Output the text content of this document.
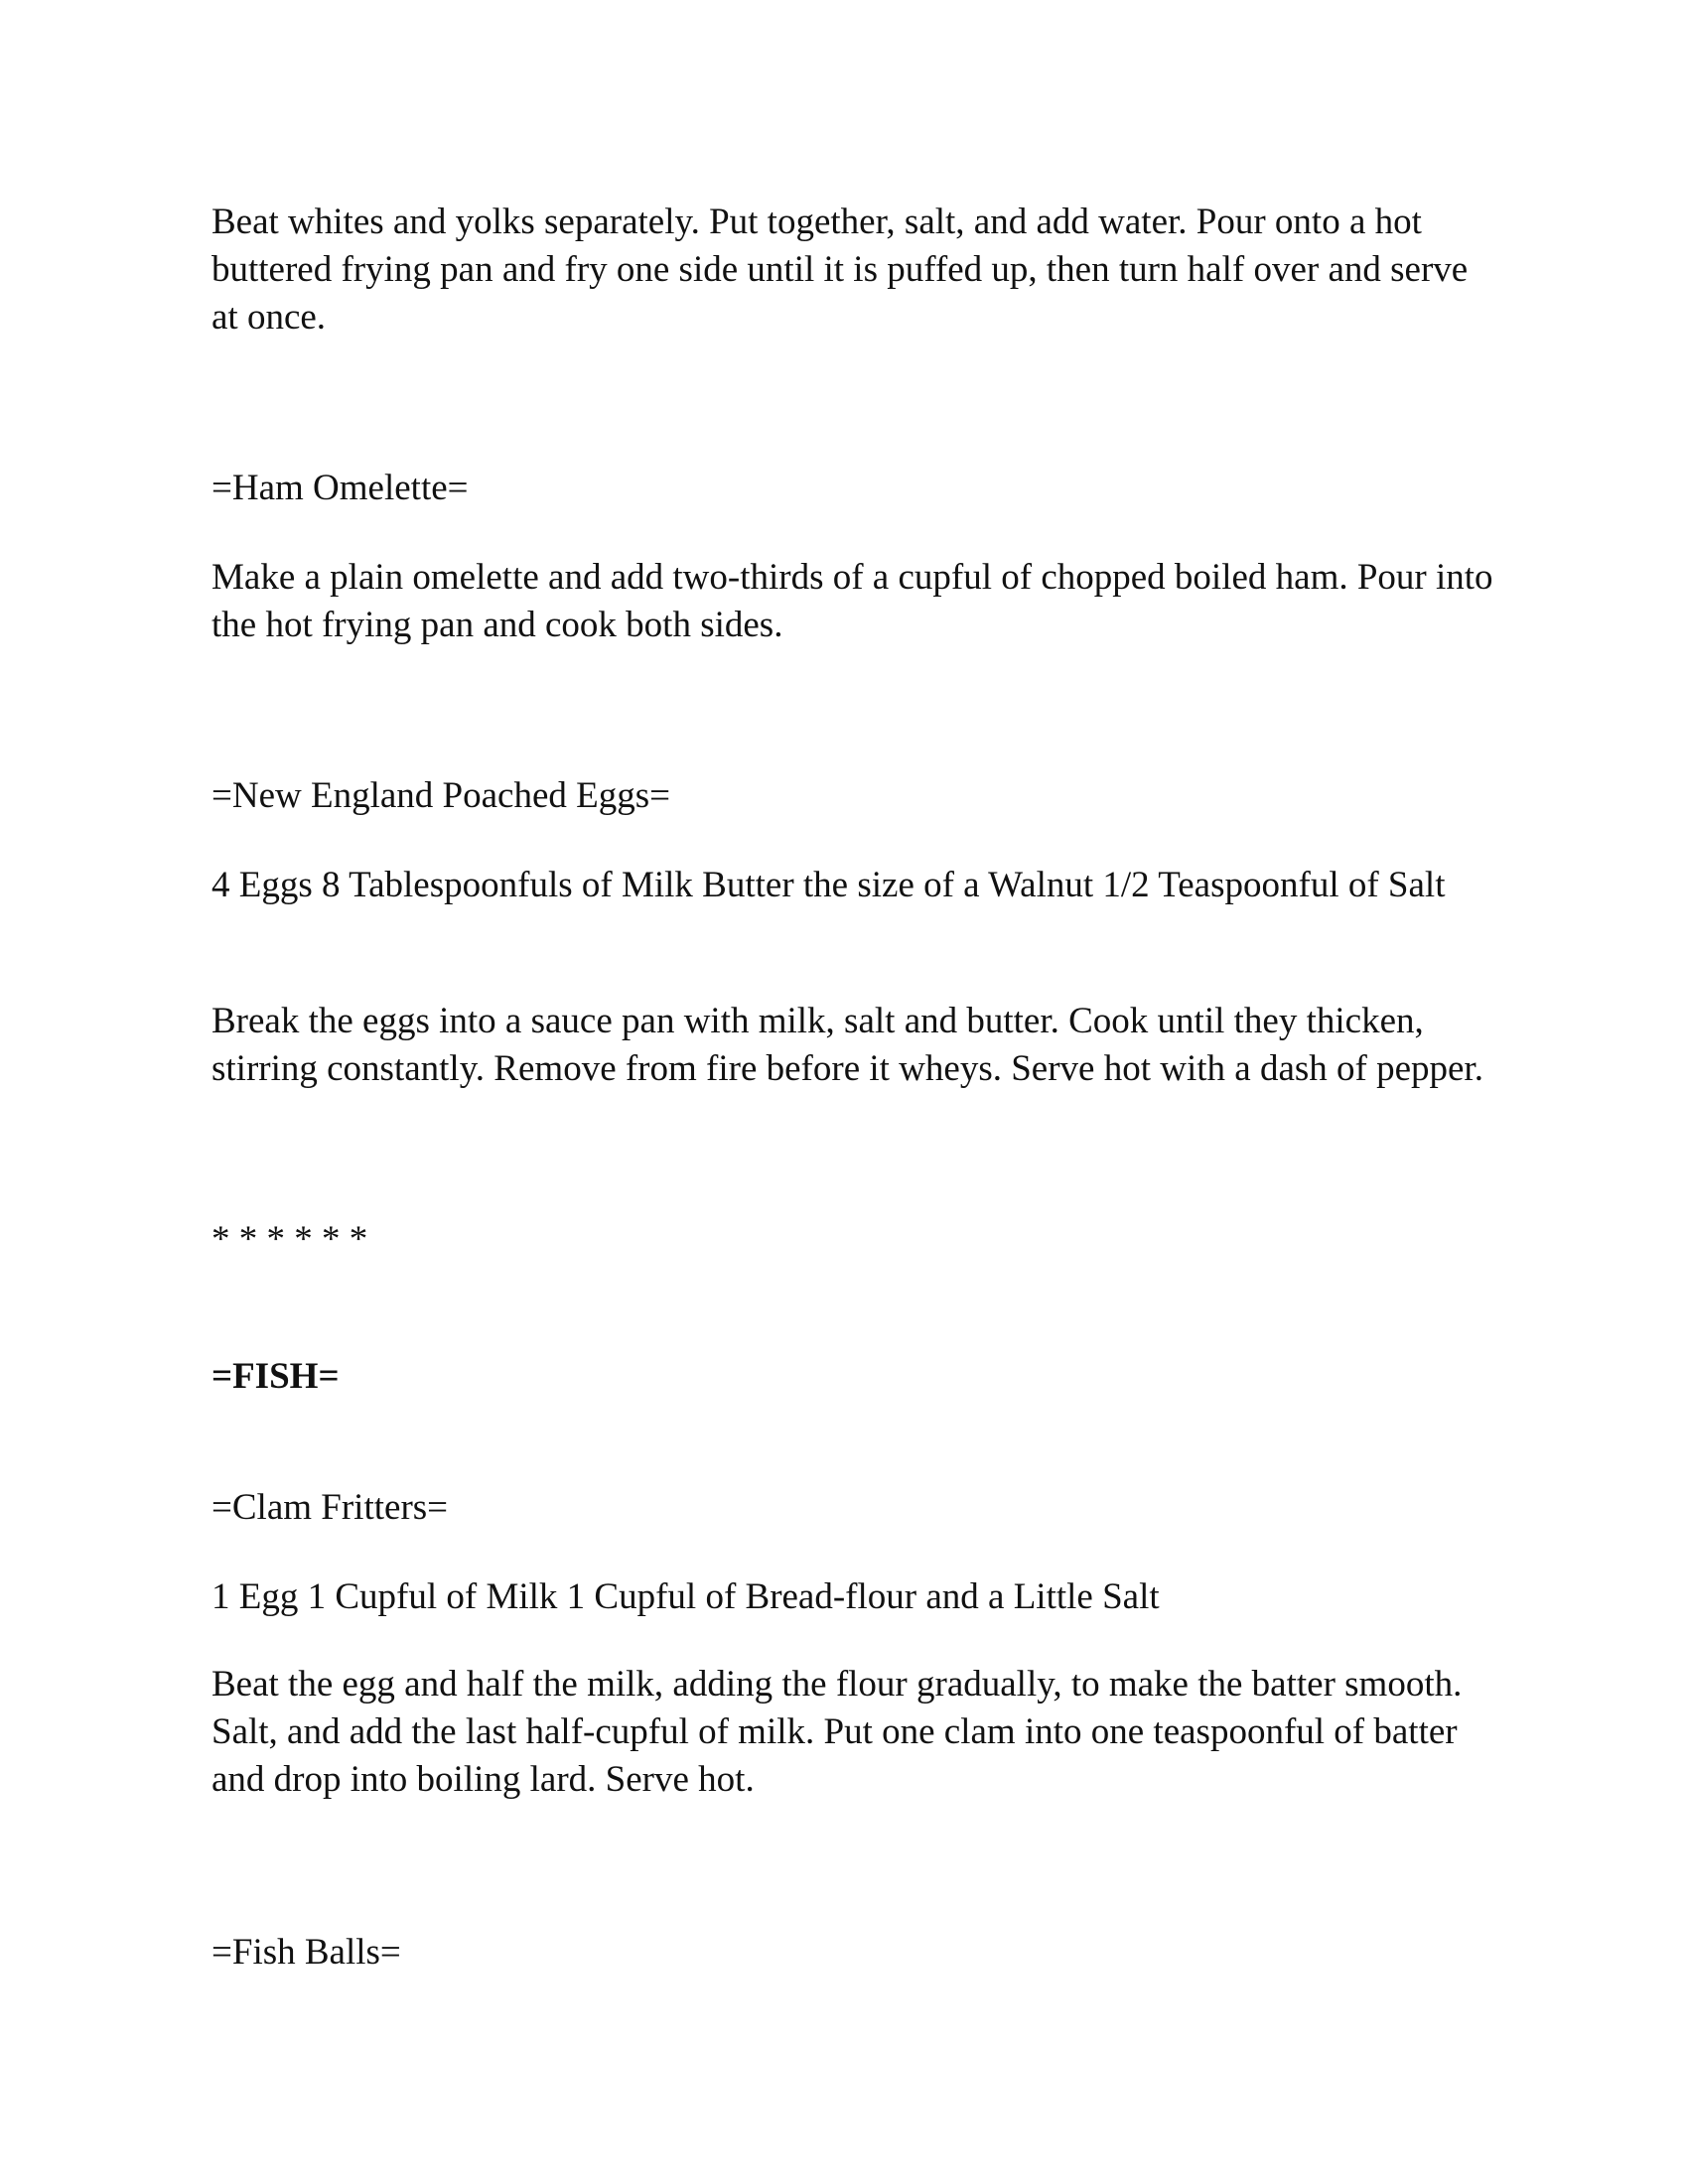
Beat whites and yolks separately. Put together, salt, and add water. Pour onto a hot buttered frying pan and fry one side until it is puffed up, then turn half over and serve at once.

=Ham Omelette=

Make a plain omelette and add two-thirds of a cupful of chopped boiled ham. Pour into the hot frying pan and cook both sides.

=New England Poached Eggs=

4 Eggs 8 Tablespoonfuls of Milk Butter the size of a Walnut 1/2 Teaspoonful of Salt

Break the eggs into a sauce pan with milk, salt and butter. Cook until they thicken, stirring constantly. Remove from fire before it wheys. Serve hot with a dash of pepper.

* * * * * *

=FISH=

=Clam Fritters=

1 Egg 1 Cupful of Milk 1 Cupful of Bread-flour and a Little Salt

Beat the egg and half the milk, adding the flour gradually, to make the batter smooth. Salt, and add the last half-cupful of milk. Put one clam into one teaspoonful of batter and drop into boiling lard. Serve hot.

=Fish Balls=
